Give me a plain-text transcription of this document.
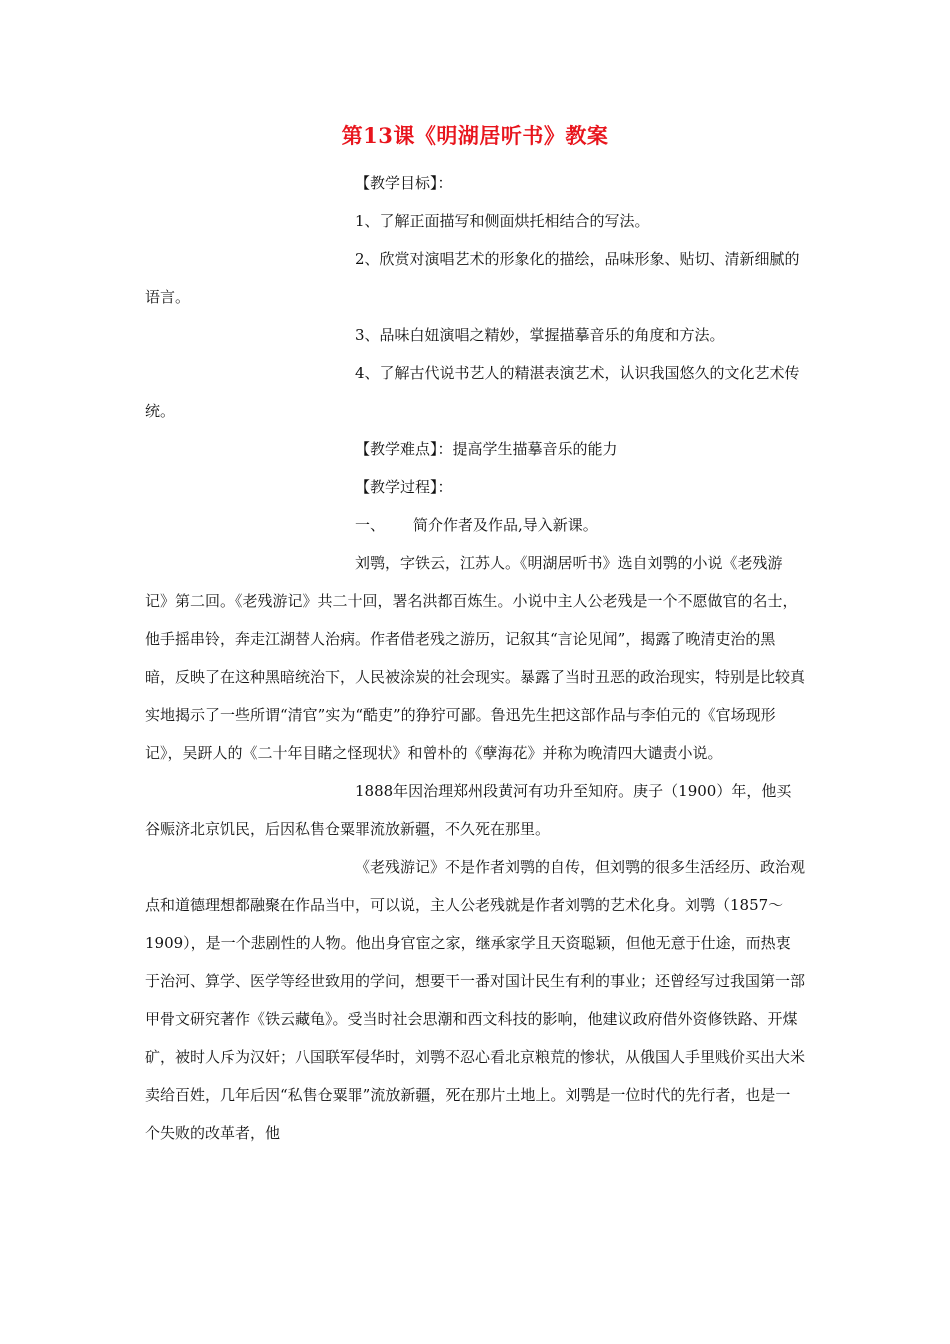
第13课《明湖居听书》教案

【教学目标】：

1、了解正面描写和侧面烘托相结合的写法。

2、欣赏对演唱艺术的形象化的描绘，品味形象、贴切、清新细腻的语言。

3、品味白妞演唱之精妙，掌握描摹音乐的角度和方法。

4、了解古代说书艺人的精湛表演艺术，认识我国悠久的文化艺术传统。

【教学难点】：提高学生描摹音乐的能力

【教学过程】：

一、 简介作者及作品,导入新课。

刘鹗，字铁云，江苏人。《明湖居听书》选自刘鹗的小说《老残游记》第二回。《老残游记》共二十回，署名洪都百炼生。小说中主人公老残是一个不愿做官的名士，他手摇串铃，奔走江湖替人治病。作者借老残之游历，记叙其“言论见闻”，揭露了晚清吏治的黑暗，反映了在这种黑暗统治下，人民被涂炭的社会现实。暴露了当时丑恶的政治现实，特别是比较真实地揭示了一些所谓“清官”实为“酷吏”的狰狞可鄙。鲁迅先生把这部作品与李伯元的《官场现形记》，吴趼人的《二十年目睹之怪现状》和曾朴的《孽海花》并称为晚清四大谴责小说。

1888年因治理郑州段黄河有功升至知府。庚子（1900）年，他买谷赈济北京饥民，后因私售仓粟罪流放新疆，不久死在那里。

《老残游记》不是作者刘鹗的自传，但刘鹗的很多生活经历、政治观点和道德理想都融聚在作品当中，可以说，主人公老残就是作者刘鹗的艺术化身。刘鹗（1857～1909），是一个悲剧性的人物。他出身官宦之家，继承家学且天资聪颖，但他无意于仕途，而热衷于治河、算学、医学等经世致用的学问，想要干一番对国计民生有利的事业；还曾经写过我国第一部甲骨文研究著作《铁云藏龟》。受当时社会思潮和西文科技的影响，他建议政府借外资修铁路、开煤矿，被时人斥为汉奸；八国联军侵华时，刘鹗不忍心看北京粮荒的惨状，从俄国人手里贱价买出大米卖给百姓，几年后因“私售仓粟罪”流放新疆，死在那片土地上。刘鹗是一位时代的先行者，也是一个失败的改革者，他
